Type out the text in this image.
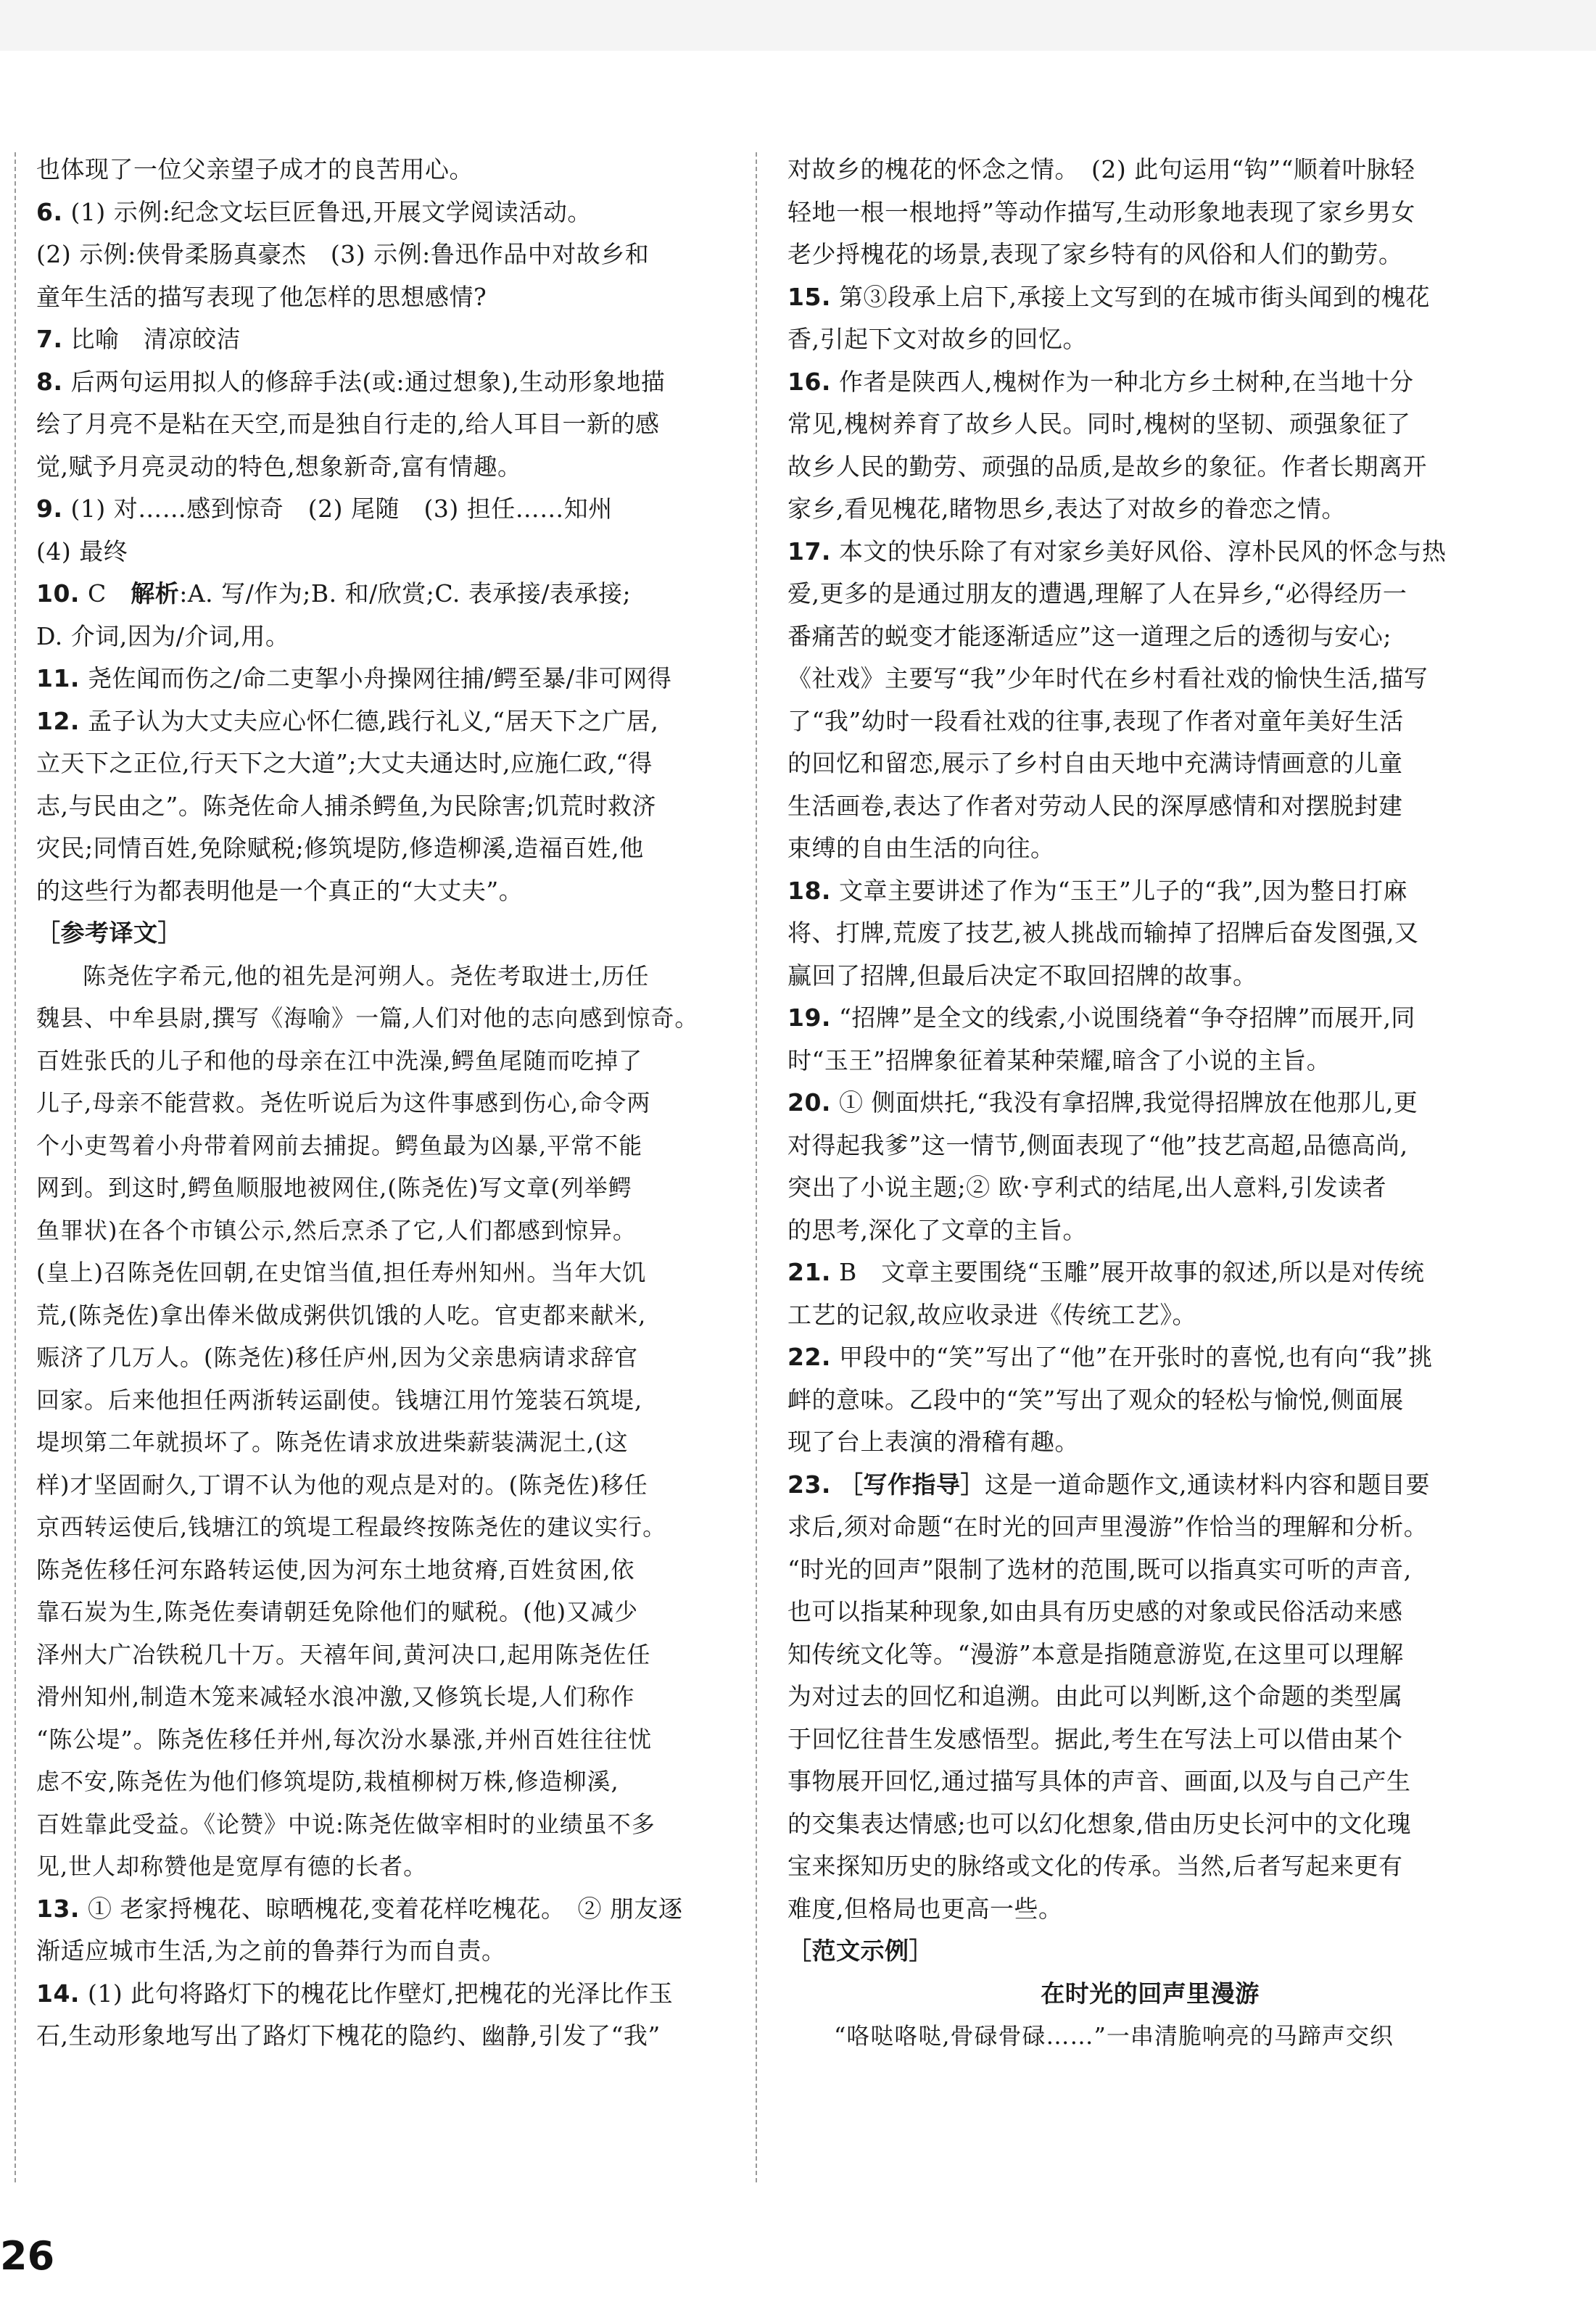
也体现了一位父亲望子成才的良苦用心。

6. (1) 示例:纪念文坛巨匠鲁迅,开展文学阅读活动。

(2) 示例:侠骨柔肠真豪杰　(3) 示例:鲁迅作品中对故乡和

童年生活的描写表现了他怎样的思想感情?

7. 比喻　清凉皎洁

8. 后两句运用拟人的修辞手法(或:通过想象),生动形象地描

绘了月亮不是粘在天空,而是独自行走的,给人耳目一新的感

觉,赋予月亮灵动的特色,想象新奇,富有情趣。

9. (1) 对……感到惊奇　(2) 尾随　(3) 担任……知州

(4) 最终

10. C　解析:A. 写/作为;B. 和/欣赏;C. 表承接/表承接;

D. 介词,因为/介词,用。

11. 尧佐闻而伤之/命二吏挐小舟操网往捕/鳄至暴/非可网得

12. 孟子认为大丈夫应心怀仁德,践行礼义,“居天下之广居,

立天下之正位,行天下之大道”;大丈夫通达时,应施仁政,“得

志,与民由之”。陈尧佐命人捕杀鳄鱼,为民除害;饥荒时救济

灾民;同情百姓,免除赋税;修筑堤防,修造柳溪,造福百姓,他

的这些行为都表明他是一个真正的“大丈夫”。

［参考译文］

陈尧佐字希元,他的祖先是河朔人。尧佐考取进士,历任

魏县、中牟县尉,撰写《海喻》一篇,人们对他的志向感到惊奇。

百姓张氏的儿子和他的母亲在江中洗澡,鳄鱼尾随而吃掉了

儿子,母亲不能营救。尧佐听说后为这件事感到伤心,命令两

个小吏驾着小舟带着网前去捕捉。鳄鱼最为凶暴,平常不能

网到。到这时,鳄鱼顺服地被网住,(陈尧佐)写文章(列举鳄

鱼罪状)在各个市镇公示,然后烹杀了它,人们都感到惊异。

(皇上)召陈尧佐回朝,在史馆当值,担任寿州知州。当年大饥

荒,(陈尧佐)拿出俸米做成粥供饥饿的人吃。官吏都来献米,

赈济了几万人。(陈尧佐)移任庐州,因为父亲患病请求辞官

回家。后来他担任两浙转运副使。钱塘江用竹笼装石筑堤,

堤坝第二年就损坏了。陈尧佐请求放进柴薪装满泥土,(这

样)才坚固耐久,丁谓不认为他的观点是对的。(陈尧佐)移任

京西转运使后,钱塘江的筑堤工程最终按陈尧佐的建议实行。

陈尧佐移任河东路转运使,因为河东土地贫瘠,百姓贫困,依

靠石炭为生,陈尧佐奏请朝廷免除他们的赋税。(他)又减少

泽州大广冶铁税几十万。天禧年间,黄河决口,起用陈尧佐任

滑州知州,制造木笼来减轻水浪冲激,又修筑长堤,人们称作

“陈公堤”。陈尧佐移任并州,每次汾水暴涨,并州百姓往往忧

虑不安,陈尧佐为他们修筑堤防,栽植柳树万株,修造柳溪,

百姓靠此受益。《论赞》中说:陈尧佐做宰相时的业绩虽不多

见,世人却称赞他是宽厚有德的长者。

13. ① 老家捋槐花、晾晒槐花,变着花样吃槐花。　② 朋友逐

渐适应城市生活,为之前的鲁莽行为而自责。

14. (1) 此句将路灯下的槐花比作壁灯,把槐花的光泽比作玉

石,生动形象地写出了路灯下槐花的隐约、幽静,引发了“我”

对故乡的槐花的怀念之情。　(2) 此句运用“钩”“顺着叶脉轻

轻地一根一根地捋”等动作描写,生动形象地表现了家乡男女

老少捋槐花的场景,表现了家乡特有的风俗和人们的勤劳。

15. 第③段承上启下,承接上文写到的在城市街头闻到的槐花

香,引起下文对故乡的回忆。

16. 作者是陕西人,槐树作为一种北方乡土树种,在当地十分

常见,槐树养育了故乡人民。同时,槐树的坚韧、顽强象征了

故乡人民的勤劳、顽强的品质,是故乡的象征。作者长期离开

家乡,看见槐花,睹物思乡,表达了对故乡的眷恋之情。

17. 本文的快乐除了有对家乡美好风俗、淳朴民风的怀念与热

爱,更多的是通过朋友的遭遇,理解了人在异乡,“必得经历一

番痛苦的蜕变才能逐渐适应”这一道理之后的透彻与安心;

《社戏》主要写“我”少年时代在乡村看社戏的愉快生活,描写

了“我”幼时一段看社戏的往事,表现了作者对童年美好生活

的回忆和留恋,展示了乡村自由天地中充满诗情画意的儿童

生活画卷,表达了作者对劳动人民的深厚感情和对摆脱封建

束缚的自由生活的向往。

18. 文章主要讲述了作为“玉王”儿子的“我”,因为整日打麻

将、打牌,荒废了技艺,被人挑战而输掉了招牌后奋发图强,又

赢回了招牌,但最后决定不取回招牌的故事。

19. “招牌”是全文的线索,小说围绕着“争夺招牌”而展开,同

时“玉王”招牌象征着某种荣耀,暗含了小说的主旨。

20. ① 侧面烘托,“我没有拿招牌,我觉得招牌放在他那儿,更

对得起我爹”这一情节,侧面表现了“他”技艺高超,品德高尚,

突出了小说主题;② 欧·亨利式的结尾,出人意料,引发读者

的思考,深化了文章的主旨。

21. B　文章主要围绕“玉雕”展开故事的叙述,所以是对传统

工艺的记叙,故应收录进《传统工艺》。

22. 甲段中的“笑”写出了“他”在开张时的喜悦,也有向“我”挑

衅的意味。乙段中的“笑”写出了观众的轻松与愉悦,侧面展

现了台上表演的滑稽有趣。

23. ［写作指导］这是一道命题作文,通读材料内容和题目要

求后,须对命题“在时光的回声里漫游”作恰当的理解和分析。

“时光的回声”限制了选材的范围,既可以指真实可听的声音,

也可以指某种现象,如由具有历史感的对象或民俗活动来感

知传统文化等。“漫游”本意是指随意游览,在这里可以理解

为对过去的回忆和追溯。由此可以判断,这个命题的类型属

于回忆往昔生发感悟型。据此,考生在写法上可以借由某个

事物展开回忆,通过描写具体的声音、画面,以及与自己产生

的交集表达情感;也可以幻化想象,借由历史长河中的文化瑰

宝来探知历史的脉络或文化的传承。当然,后者写起来更有

难度,但格局也更高一些。

［范文示例］

在时光的回声里漫游

“咯哒咯哒,骨碌骨碌……”一串清脆响亮的马蹄声交织

26
